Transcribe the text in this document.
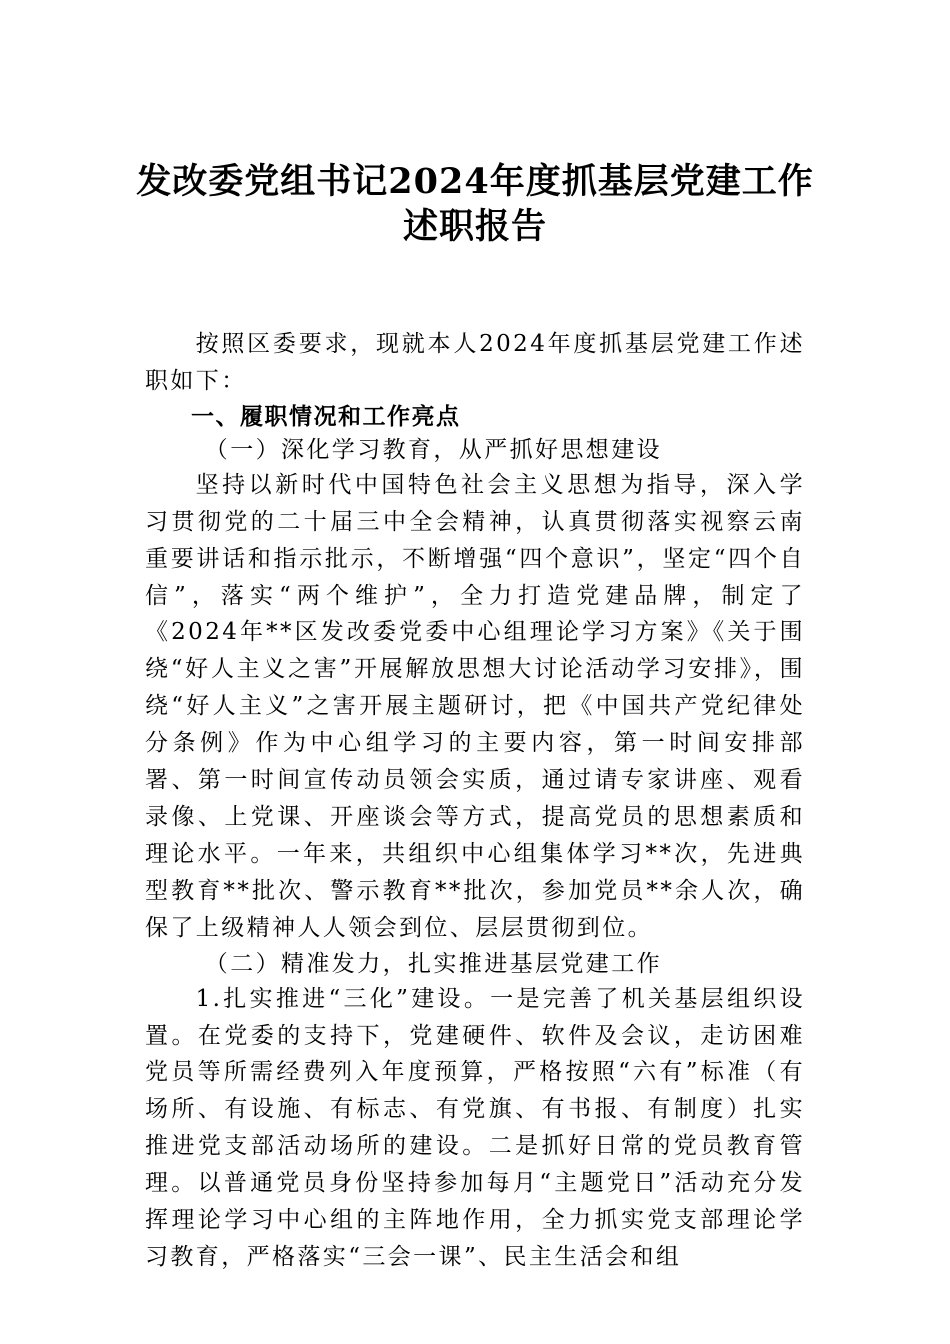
发改委党组书记2024年度抓基层党建工作
述职报告

按照区委要求，现就本人2024年度抓基层党建工作述职如下：

一、履职情况和工作亮点

（一）深化学习教育，从严抓好思想建设

坚持以新时代中国特色社会主义思想为指导，深入学习贯彻党的二十届三中全会精神，认真贯彻落实视察云南重要讲话和指示批示，不断增强“四个意识”，坚定“四个自信”，落实“两个维护”，全力打造党建品牌，制定了《2024年**区发改委党委中心组理论学习方案》《关于围绕“好人主义之害”开展解放思想大讨论活动学习安排》，围绕“好人主义”之害开展主题研讨，把《中国共产党纪律处分条例》作为中心组学习的主要内容，第一时间安排部署、第一时间宣传动员领会实质，通过请专家讲座、观看录像、上党课、开座谈会等方式，提高党员的思想素质和理论水平。一年来，共组织中心组集体学习**次，先进典型教育**批次、警示教育**批次，参加党员**余人次，确保了上级精神人人领会到位、层层贯彻到位。

（二）精准发力，扎实推进基层党建工作

1.扎实推进“三化”建设。一是完善了机关基层组织设置。在党委的支持下，党建硬件、软件及会议，走访困难党员等所需经费列入年度预算，严格按照“六有”标准（有场所、有设施、有标志、有党旗、有书报、有制度）扎实推进党支部活动场所的建设。二是抓好日常的党员教育管理。以普通党员身份坚持参加每月“主题党日”活动充分发挥理论学习中心组的主阵地作用，全力抓实党支部理论学习教育，严格落实“三会一课”、民主生活会和组
